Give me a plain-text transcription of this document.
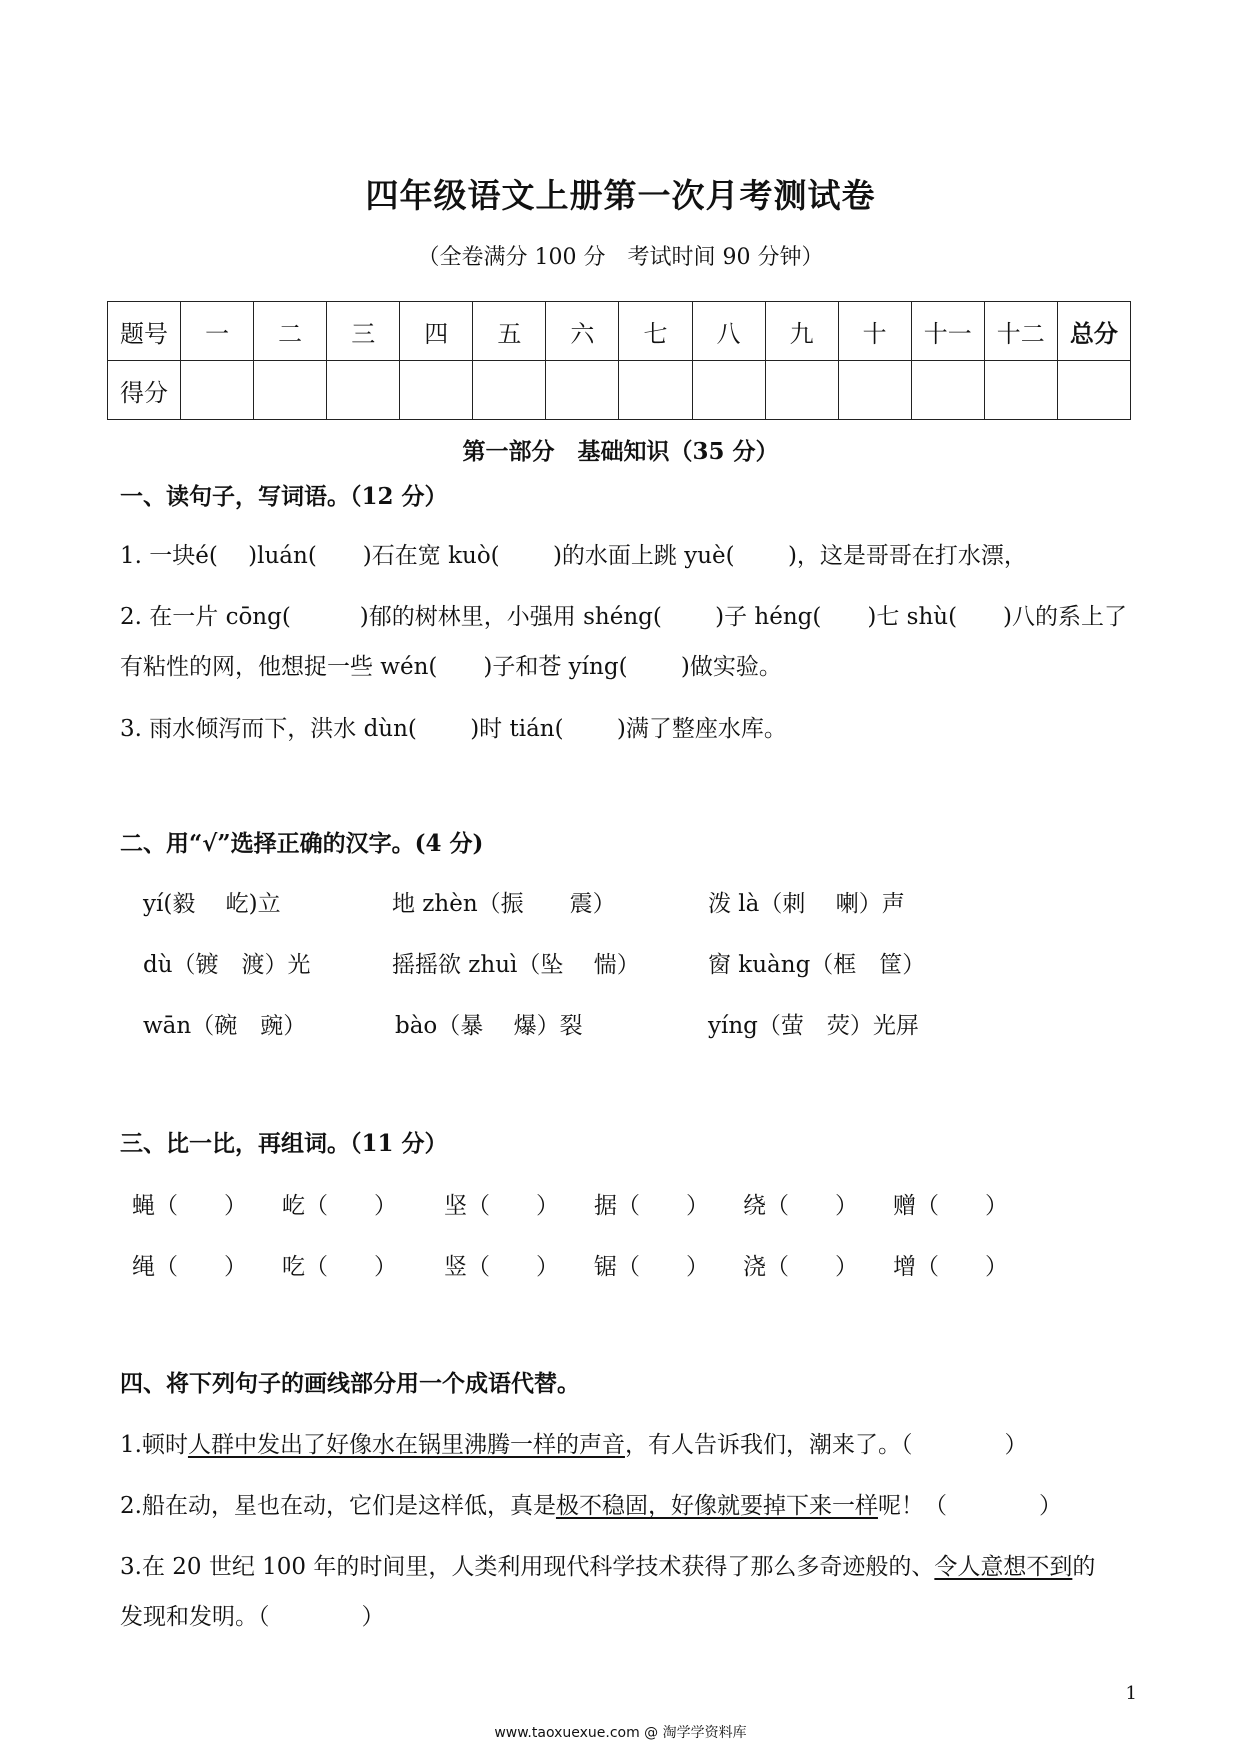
四年级语文上册第一次月考测试卷
（全卷满分 100 分　考试时间 90 分钟）
题号	一	二	三	四	五	六	七	八	九	十	十一	十二	总分
得分													
第一部分　基础知识（35 分）
一、读句子，写词语。（12 分）
1. 一块é(　 )luán(　　)石在宽 kuò(　　 )的水面上跳 yuè(　　 )，这是哥哥在打水漂，
2. 在一片 cōng(　　　)郁的树林里，小强用 shéng(　　 )子 héng(　　)七 shù(　　)八的系上了
有粘性的网，他想捉一些 wén(　　)子和苍 yíng(　　 )做实验。
3. 雨水倾泻而下，洪水 dùn(　　 )时 tián(　　 )满了整座水库。
二、用“√”选择正确的汉字。(4 分)
yí(毅　 屹)立	地 zhèn（振　　震）	泼 là（刺　 喇）声
dù（镀　渡）光	摇摇欲 zhuì（坠　 惴）	窗 kuàng（框　筐）
wān（碗　豌）	bào（暴　 爆）裂	yíng（萤　荧）光屏
三、比一比，再组词。（11 分）
蝇（　　） 屹（　　） 坚（　　） 据（　　） 绕（　　） 赠（　　）
绳（　　） 吃（　　） 竖（　　） 锯（　　） 浇（　　） 增（　　）
四、将下列句子的画线部分用一个成语代替。
1.顿时人群中发出了好像水在锅里沸腾一样的声音，有人告诉我们，潮来了。（　　　　）
2.船在动，星也在动，它们是这样低，真是极不稳固，好像就要掉下来一样呢！（　　　　）
3.在 20 世纪 100 年的时间里，人类利用现代科学技术获得了那么多奇迹般的、令人意想不到的
发现和发明。（　　　　）
1
www.taoxuexue.com @ 淘学学资料库
